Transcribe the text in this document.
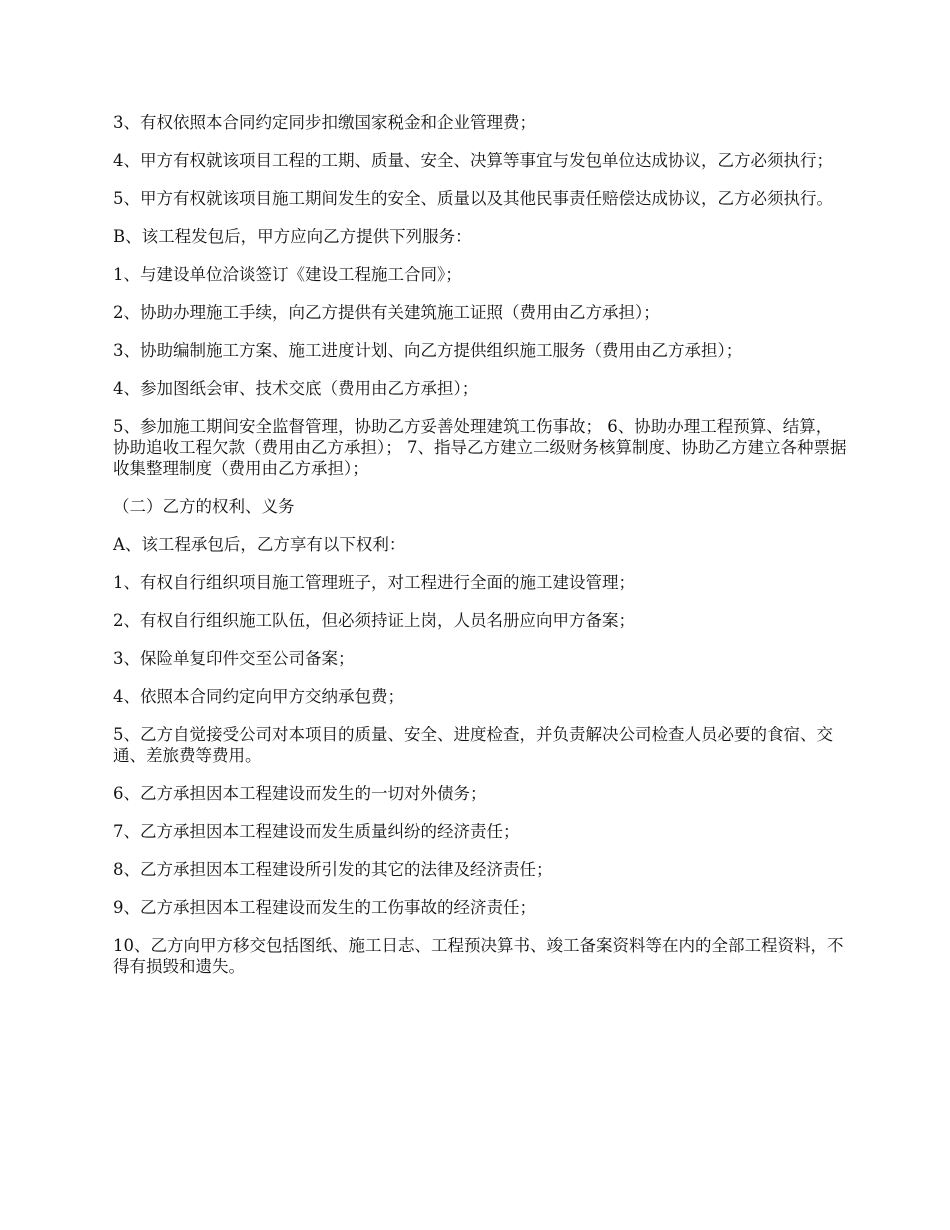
3、有权依照本合同约定同步扣缴国家税金和企业管理费；

4、甲方有权就该项目工程的工期、质量、安全、决算等事宜与发包单位达成协议，乙方必须执行；

5、甲方有权就该项目施工期间发生的安全、质量以及其他民事责任赔偿达成协议，乙方必须执行。

B、该工程发包后，甲方应向乙方提供下列服务：

1、与建设单位洽谈签订《建设工程施工合同》；

2、协助办理施工手续，向乙方提供有关建筑施工证照（费用由乙方承担）；

3、协助编制施工方案、施工进度计划、向乙方提供组织施工服务（费用由乙方承担）；

4、参加图纸会审、技术交底（费用由乙方承担）；

5、参加施工期间安全监督管理，协助乙方妥善处理建筑工伤事故； 6、协助办理工程预算、结算，协助追收工程欠款（费用由乙方承担）； 7、指导乙方建立二级财务核算制度、协助乙方建立各种票据收集整理制度（费用由乙方承担）；

（二）乙方的权利、义务

A、该工程承包后，乙方享有以下权利：

1、有权自行组织项目施工管理班子，对工程进行全面的施工建设管理；

2、有权自行组织施工队伍，但必须持证上岗，人员名册应向甲方备案；

3、保险单复印件交至公司备案；

4、依照本合同约定向甲方交纳承包费；

5、乙方自觉接受公司对本项目的质量、安全、进度检查，并负责解决公司检查人员必要的食宿、交通、差旅费等费用。

6、乙方承担因本工程建设而发生的一切对外债务；

7、乙方承担因本工程建设而发生质量纠纷的经济责任；

8、乙方承担因本工程建设所引发的其它的法律及经济责任；

9、乙方承担因本工程建设而发生的工伤事故的经济责任；

10、乙方向甲方移交包括图纸、施工日志、工程预决算书、竣工备案资料等在内的全部工程资料，不得有损毁和遗失。
